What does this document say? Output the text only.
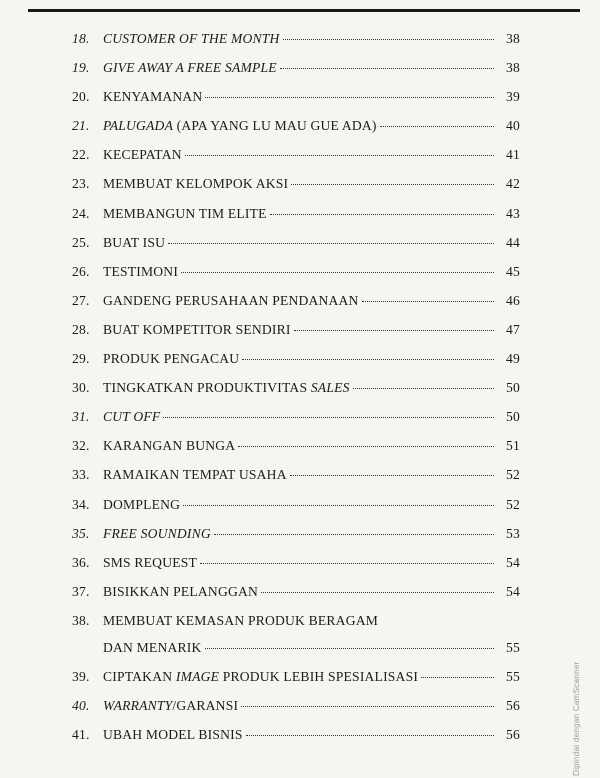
18. CUSTOMER OF THE MONTH	38
19. GIVE AWAY A FREE SAMPLE	38
20. KENYAMANAN	39
21. PALUGADA (APA YANG LU MAU GUE ADA)	40
22. KECEPATAN	41
23. MEMBUAT KELOMPOK AKSI	42
24. MEMBANGUN TIM ELITE	43
25. BUAT ISU	44
26. TESTIMONI	45
27. GANDENG PERUSAHAAN PENDANAAN	46
28. BUAT KOMPETITOR SENDIRI	47
29. PRODUK PENGACAU	49
30. TINGKATKAN PRODUKTIVITAS SALES	50
31. CUT OFF	50
32. KARANGAN BUNGA	51
33. RAMAIKAN TEMPAT USAHA	52
34. DOMPLENG	52
35. FREE SOUNDING	53
36. SMS REQUEST	54
37. BISIKKAN PELANGGAN	54
38. MEMBUAT KEMASAN PRODUK BERAGAM
DAN MENARIK	55
39. CIPTAKAN IMAGE PRODUK LEBIH SPESIALISASI	55
40. WARRANTY/GARANSI	56
41. UBAH MODEL BISNIS	56	Dipindai dengan CamScanner
